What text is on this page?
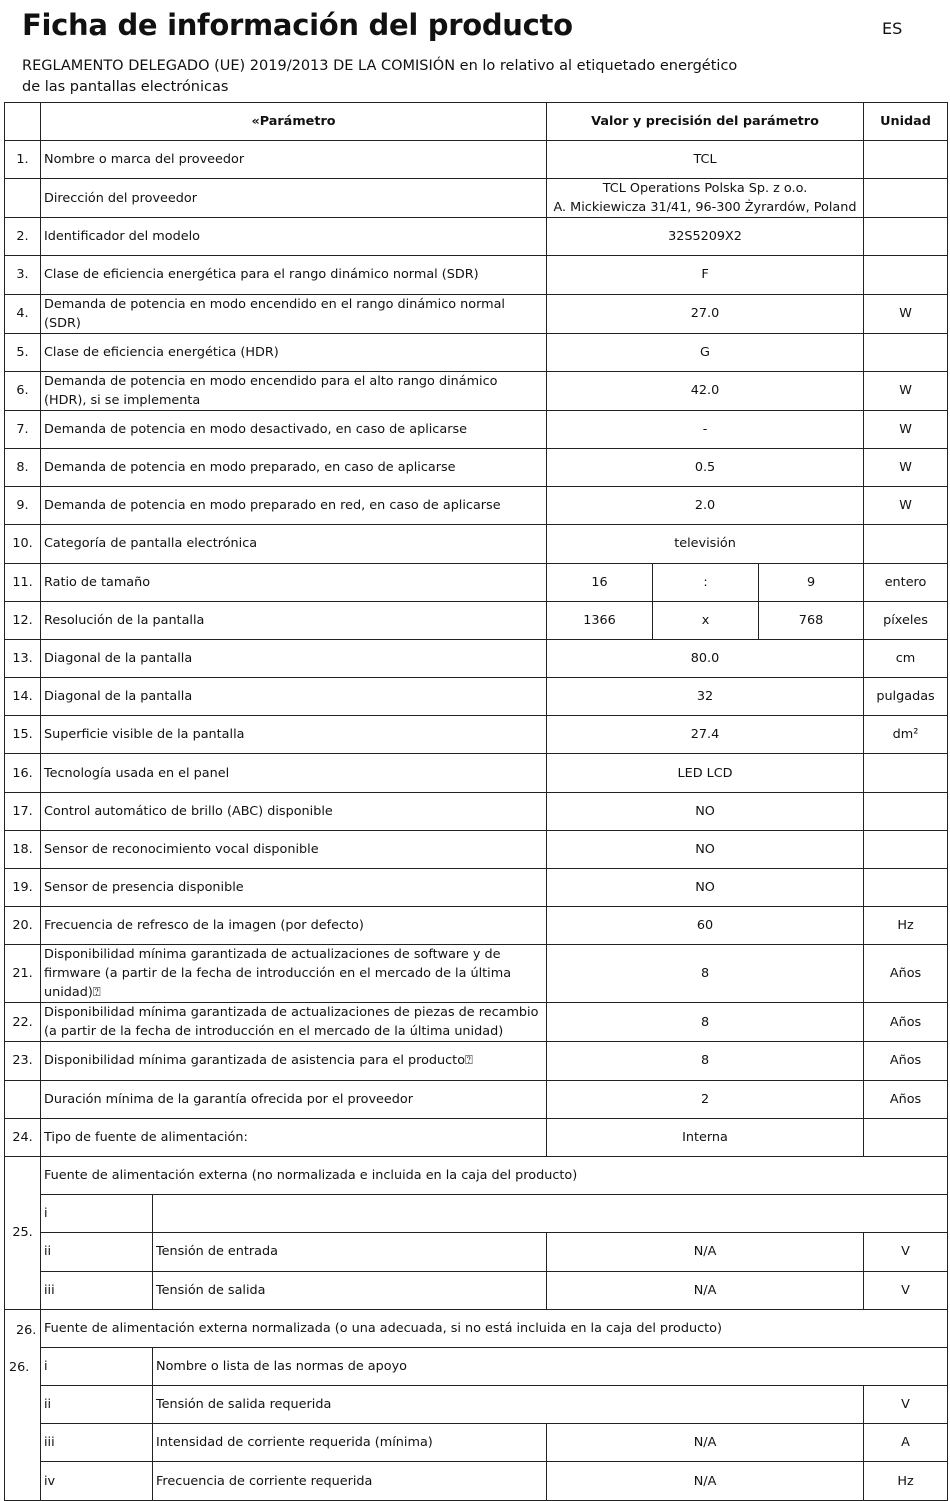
Ficha de información del producto	ES
REGLAMENTO DELEGADO (UE) 2019/2013 DE LA COMISIÓN en lo relativo al etiquetado energético
de las pantallas electrónicas
	«Parámetro		Valor y precisión del parámetro			Unidad
1.	Nombre o marca del proveedor		TCL			
	Dirección del proveedor		TCL Operations Polska Sp. z o.o.
A. Mickiewicza 31/41, 96-300 Żyrardów, Poland			

2.	Identificador del modelo		32S5209X2			
3.	Clase de eficiencia energética para el rango dinámico normal (SDR)		F			
4.	Demanda de potencia en modo encendido en el rango dinámico normal (SDR)		27.0			W
5.	Clase de eficiencia energética (HDR)		G			
6.	Demanda de potencia en modo encendido para el alto rango dinámico (HDR), si se implementa		42.0			W
7.	Demanda de potencia en modo desactivado, en caso de aplicarse		-			W
8.	Demanda de potencia en modo preparado, en caso de aplicarse		0.5			W
9.	Demanda de potencia en modo preparado en red, en caso de aplicarse		2.0			W
10.	Categoría de pantalla electrónica		televisión			
11.	Ratio de tamaño		16	:	9	entero
12.	Resolución de la pantalla		1366	x	768	píxeles
13.	Diagonal de la pantalla		80.0			cm
14.	Diagonal de la pantalla		32			pulgadas
15.	Superficie visible de la pantalla		27.4			dm²
16.	Tecnología usada en el panel		LED LCD			
17.	Control automático de brillo (ABC) disponible		NO			
18.	Sensor de reconocimiento vocal disponible		NO			
19.	Sensor de presencia disponible		NO			
20.	Frecuencia de refresco de la imagen (por defecto)		60			Hz
21.	Disponibilidad mínima garantizada de actualizaciones de software y de firmware (a partir de la fecha de introducción en el mercado de la última unidad)⍰		8			Años
22.	Disponibilidad mínima garantizada de actualizaciones de piezas de recambio (a partir de la fecha de introducción en el mercado de la última unidad)		8			Años
23.	Disponibilidad mínima garantizada de asistencia para el producto⍰		8			Años
	Duración mínima de la garantía ofrecida por el proveedor		2			Años
24.	Tipo de fuente de alimentación:		Interna			
25.	Fuente de alimentación externa (no normalizada e incluida en la caja del producto)					
	i					
	ii	Tensión de entrada	N/A			V
	iii	Tensión de salida	N/A			V

26.
26.	Fuente de alimentación externa normalizada (o una adecuada, si no está incluida en la caja del producto)					
	i	Nombre o lista de las normas de apoyo				
	ii	Tensión de salida requerida				V
	iii	Intensidad de corriente requerida (mínima)	N/A			A
	iv	Frecuencia de corriente requerida	N/A			Hz
